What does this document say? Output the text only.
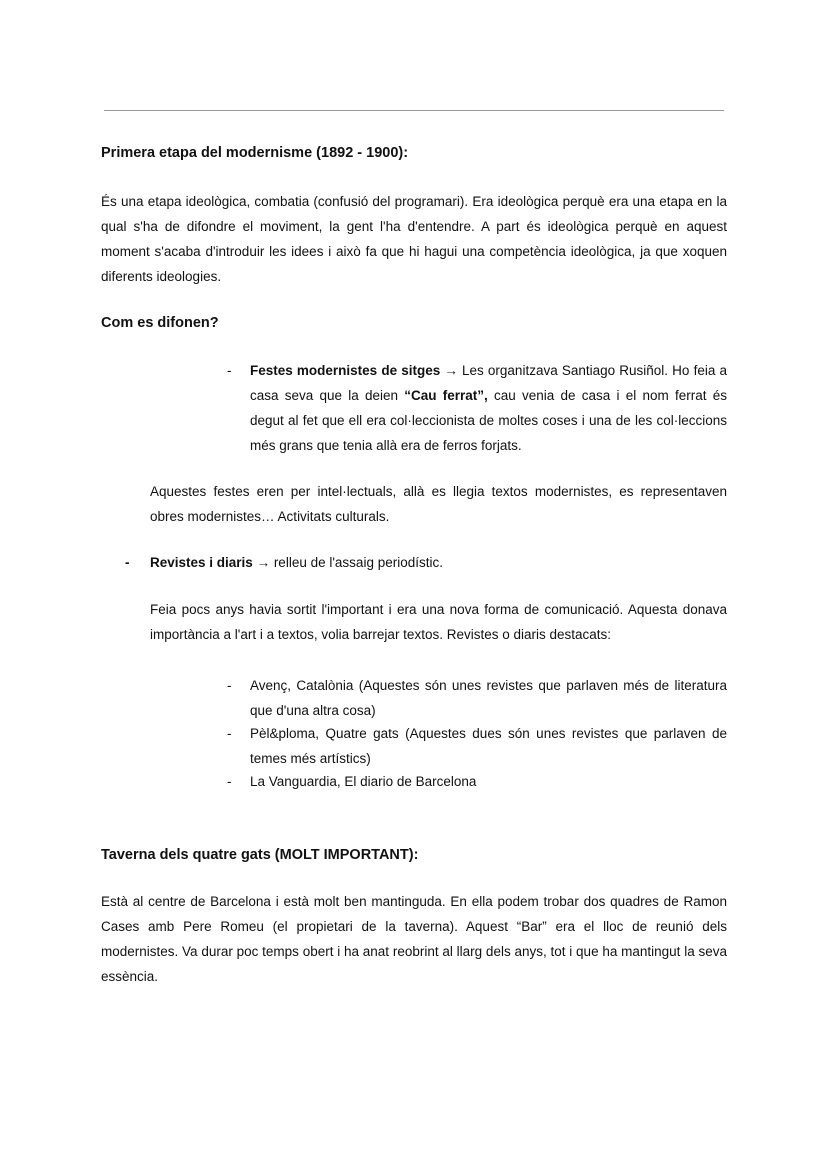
Primera etapa del modernisme (1892 - 1900):

És una etapa ideològica, combatia (confusió del programari). Era ideològica perquè era una etapa en la qual s'ha de difondre el moviment, la gent l'ha d'entendre. A part és ideològica perquè en aquest moment s'acaba d'introduir les idees i això fa que hi hagui una competència ideològica, ja que xoquen diferents ideologies.

Com es difonen?
- Festes modernistes de sitges → Les organitzava Santiago Rusiñol. Ho feia a casa seva que la deien “Cau ferrat”, cau venia de casa i el nom ferrat és degut al fet que ell era col·leccionista de moltes coses i una de les col·leccions més grans que tenia allà era de ferros forjats.

Aquestes festes eren per intel·lectuals, allà es llegia textos modernistes, es representaven obres modernistes… Activitats culturals.

- Revistes i diaris → relleu de l'assaig periodístic.

Feia pocs anys havia sortit l'important i era una nova forma de comunicació. Aquesta donava importància a l'art i a textos, volia barrejar textos. Revistes o diaris destacats:

- Avenç, Catalònia (Aquestes són unes revistes que parlaven més de literatura que d'una altra cosa)

- Pèl&ploma, Quatre gats (Aquestes dues són unes revistes que parlaven de temes més artístics)

- La Vanguardia, El diario de Barcelona

Taverna dels quatre gats (MOLT IMPORTANT):

Està al centre de Barcelona i està molt ben mantinguda. En ella podem trobar dos quadres de Ramon Cases amb Pere Romeu (el propietari de la taverna). Aquest “Bar” era el lloc de reunió dels modernistes. Va durar poc temps obert i ha anat reobrint al llarg dels anys, tot i que ha mantingut la seva essència.
